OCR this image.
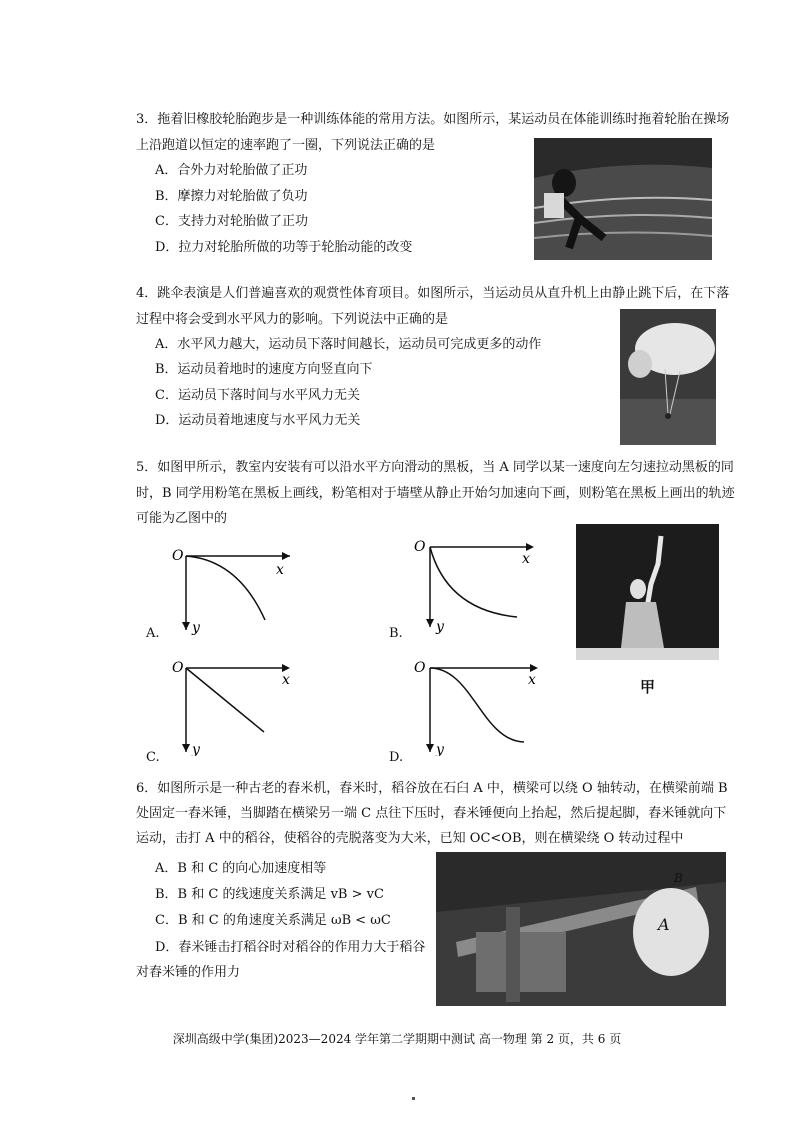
3．拖着旧橡胶轮胎跑步是一种训练体能的常用方法。如图所示，某运动员在体能训练时拖着轮胎在操场
上沿跑道以恒定的速率跑了一圈，下列说法正确的是
A．合外力对轮胎做了正功
B．摩擦力对轮胎做了负功
C．支持力对轮胎做了正功
D．拉力对轮胎所做的功等于轮胎动能的改变
4．跳伞表演是人们普遍喜欢的观赏性体育项目。如图所示，当运动员从直升机上由静止跳下后，在下落
过程中将会受到水平风力的影响。下列说法中正确的是
A．水平风力越大，运动员下落时间越长，运动员可完成更多的动作
B．运动员着地时的速度方向竖直向下
C．运动员下落时间与水平风力无关
D．运动员着地速度与水平风力无关
5．如图甲所示，教室内安装有可以沿水平方向滑动的黑板，当 A 同学以某一速度向左匀速拉动黑板的同
时，B 同学用粉笔在黑板上画线，粉笔相对于墙壁从静止开始匀加速向下画，则粉笔在黑板上画出的轨迹
可能为乙图中的
O
x
y
A.
O
x
y
B.
O
x
y
C.
O
x
y
D.
甲
6．如图所示是一种古老的舂米机，舂米时，稻谷放在石臼 A 中，横梁可以绕 O 轴转动，在横梁前端 B
处固定一舂米锤，当脚踏在横梁另一端 C 点往下压时，舂米锤便向上抬起，然后提起脚，舂米锤就向下
运动，击打 A 中的稻谷，使稻谷的壳脱落变为大米，已知 OC<OB，则在横梁绕 O 转动过程中
A．B 和 C 的向心加速度相等
B．B 和 C 的线速度关系满足 vB > vC
C．B 和 C 的角速度关系满足 ωB < ωC
D．舂米锤击打稻谷时对稻谷的作用力大于稻谷
对舂米锤的作用力
A
B
深圳高级中学(集团)2023—2024 学年第二学期期中测试 高一物理 第 2 页，共 6 页
